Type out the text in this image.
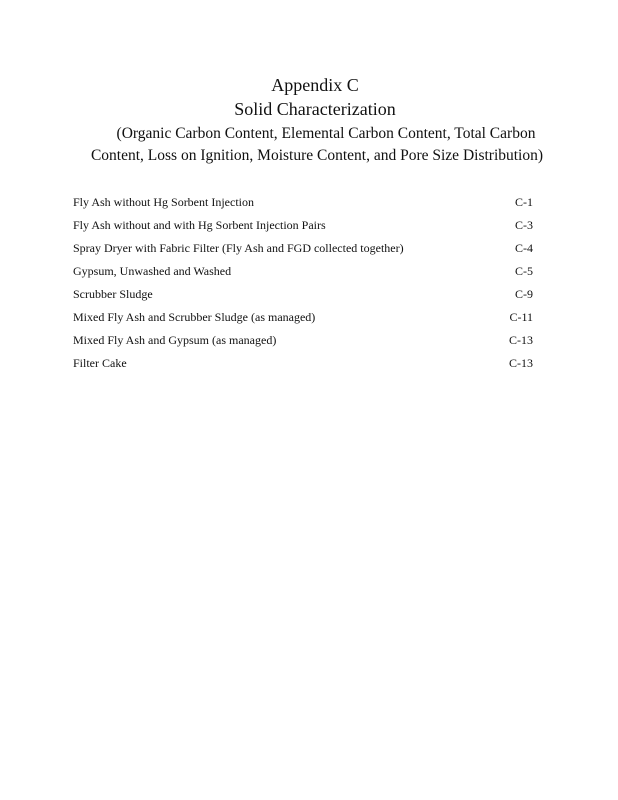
Appendix C
Solid Characterization
(Organic Carbon Content, Elemental Carbon Content, Total Carbon
Content, Loss on Ignition, Moisture Content, and Pore Size Distribution)
Fly Ash without Hg Sorbent Injection	C-1
Fly Ash without and with Hg Sorbent Injection Pairs	C-3
Spray Dryer with Fabric Filter (Fly Ash and FGD collected together)	C-4
Gypsum, Unwashed and Washed	C-5
Scrubber Sludge	C-9
Mixed Fly Ash and Scrubber Sludge (as managed)	C-11
Mixed Fly Ash and Gypsum (as managed)	C-13
Filter Cake	C-13
